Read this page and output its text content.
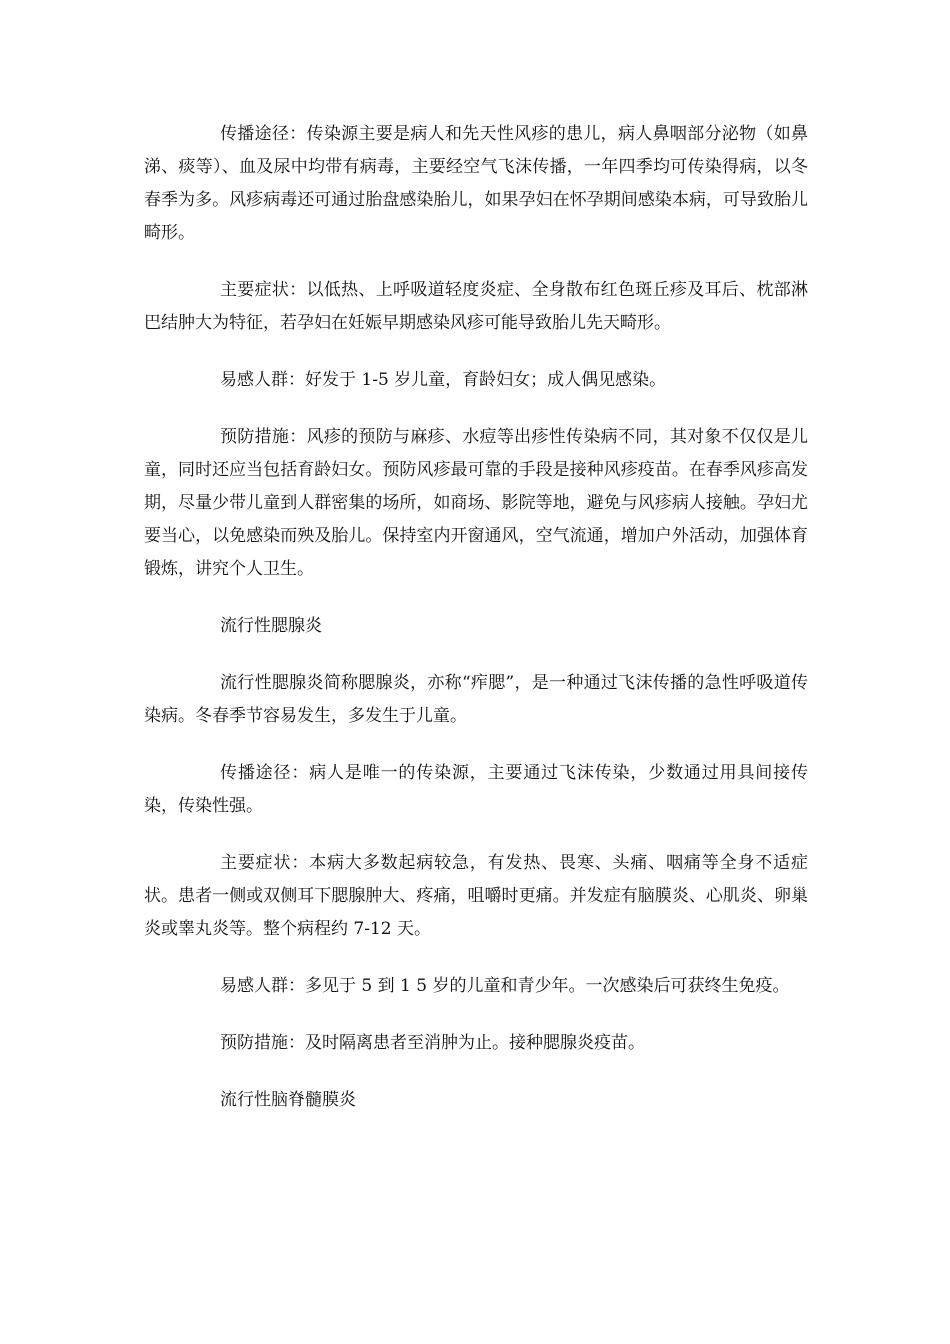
传播途径：传染源主要是病人和先天性风疹的患儿，病人鼻咽部分泌物（如鼻涕、痰等）、血及尿中均带有病毒，主要经空气飞沫传播，一年四季均可传染得病，以冬春季为多。风疹病毒还可通过胎盘感染胎儿，如果孕妇在怀孕期间感染本病，可导致胎儿畸形。

主要症状：以低热、上呼吸道轻度炎症、全身散布红色斑丘疹及耳后、枕部淋巴结肿大为特征，若孕妇在妊娠早期感染风疹可能导致胎儿先天畸形。

易感人群：好发于 1-5 岁儿童，育龄妇女；成人偶见感染。

预防措施：风疹的预防与麻疹、水痘等出疹性传染病不同，其对象不仅仅是儿童，同时还应当包括育龄妇女。预防风疹最可靠的手段是接种风疹疫苗。在春季风疹高发期，尽量少带儿童到人群密集的场所，如商场、影院等地，避免与风疹病人接触。孕妇尤要当心，以免感染而殃及胎儿。保持室内开窗通风，空气流通，增加户外活动，加强体育锻炼，讲究个人卫生。

流行性腮腺炎

流行性腮腺炎简称腮腺炎，亦称“痄腮”，是一种通过飞沫传播的急性呼吸道传染病。冬春季节容易发生，多发生于儿童。

传播途径：病人是唯一的传染源，主要通过飞沫传染，少数通过用具间接传染，传染性强。

主要症状：本病大多数起病较急，有发热、畏寒、头痛、咽痛等全身不适症状。患者一侧或双侧耳下腮腺肿大、疼痛，咀嚼时更痛。并发症有脑膜炎、心肌炎、卵巢炎或睾丸炎等。整个病程约 7-12 天。

易感人群：多见于 5 到 1 5 岁的儿童和青少年。一次感染后可获终生免疫。

预防措施：及时隔离患者至消肿为止。接种腮腺炎疫苗。

流行性脑脊髓膜炎
